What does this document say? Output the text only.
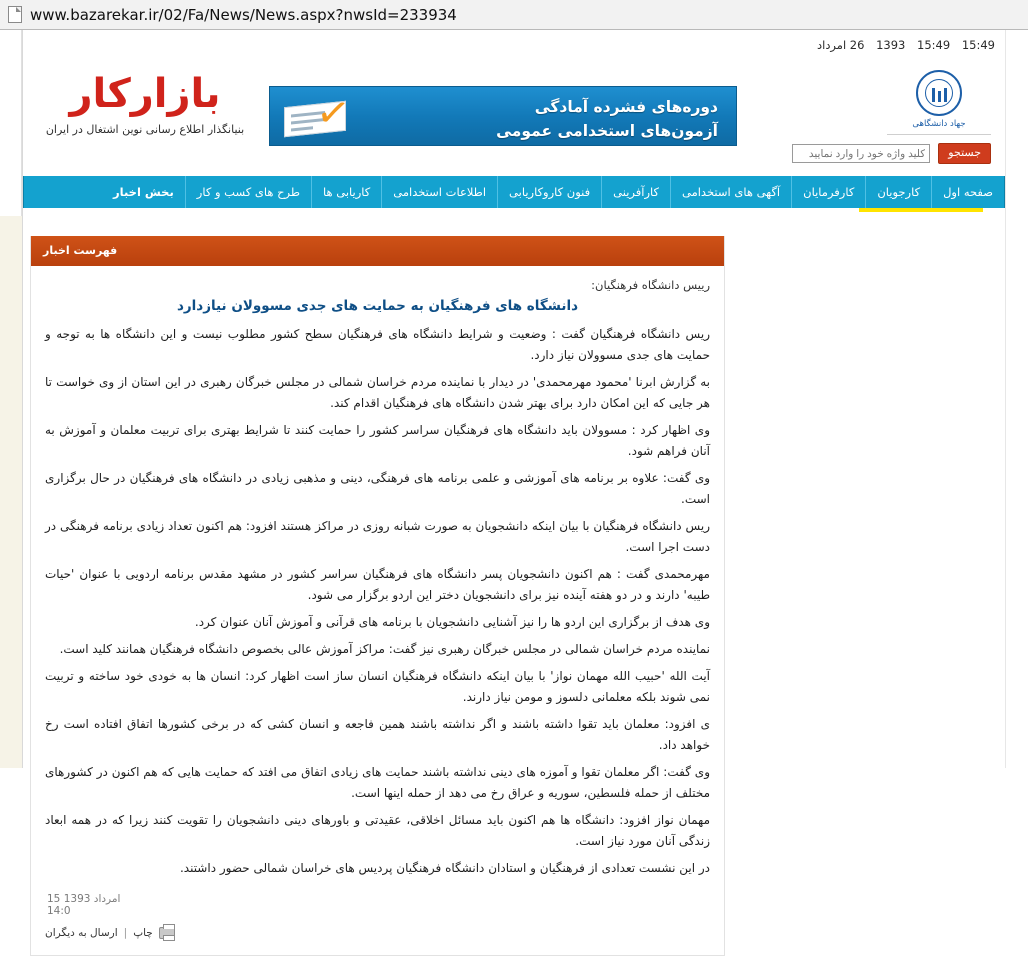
www.bazarekar.ir/02/Fa/News/News.aspx?nwsId=233934
15:49 15:49 1393 26 امرداد
جهاد دانشگاهی
جستجو
کلید واژه خود را وارد نمایید
✓	دوره‌های فشرده آمادگی
آزمون‌های استخدامی عمومی
بازارکار
بنیانگذار اطلاع رسانی نوین اشتغال در ایران
صفحه اول
کارجویان
کارفرمایان
آگهی های استخدامی
کارآفرینی
فنون کاروکاریابی
اطلاعات استخدامی
کاریابی ها
طرح های کسب و کار
بخش اخبار
فهرست اخبار
رییس دانشگاه فرهنگیان:
دانشگاه های فرهنگیان به حمایت های جدی مسوولان نیازدارد

ریس دانشگاه فرهنگیان گفت : وضعیت و شرایط دانشگاه های فرهنگیان سطح کشور مطلوب نیست و این دانشگاه ها به توجه و حمایت های جدی مسوولان نیاز دارد.

به گزارش ابرنا 'محمود مهرمحمدی' در دیدار با نماینده مردم خراسان شمالی در مجلس خبرگان رهبری در این استان از وی خواست تا هر جایی که این امکان دارد برای بهتر شدن دانشگاه های فرهنگیان اقدام کند.

وی اظهار کرد : مسوولان باید دانشگاه های فرهنگیان سراسر کشور را حمایت کنند تا شرایط بهتری برای تربیت معلمان و آموزش به آنان فراهم شود.

وی گفت: علاوه بر برنامه های آموزشی و علمی برنامه های فرهنگی، دینی و مذهبی زیادی در دانشگاه های فرهنگیان در حال برگزاری است.

ریس دانشگاه فرهنگیان با بیان اینکه دانشجویان به صورت شبانه روزی در مراکز هستند افزود: هم اکنون تعداد زیادی برنامه فرهنگی در دست اجرا است.

مهرمحمدی گفت : هم اکنون دانشجویان پسر دانشگاه های فرهنگیان سراسر کشور در مشهد مقدس برنامه اردویی با عنوان 'حیات طیبه' دارند و در دو هفته آینده نیز برای دانشجویان دختر این اردو برگزار می شود.

وی هدف از برگزاری این اردو ها را نیز آشنایی دانشجویان با برنامه های قرآنی و آموزش آنان عنوان کرد.

نماینده مردم خراسان شمالی در مجلس خبرگان رهبری نیز گفت: مراکز آموزش عالی بخصوص دانشگاه فرهنگیان همانند کلید است.

آیت الله 'حبیب الله مهمان نواز' با بیان اینکه دانشگاه فرهنگیان انسان ساز است اظهار کرد: انسان ها به خودی خود ساخته و تربیت نمی شوند بلکه معلمانی دلسوز و مومن نیاز دارند.

ی افزود: معلمان باید تقوا داشته باشند و اگر نداشته باشند همین فاجعه و انسان کشی که در برخی کشورها اتفاق افتاده است رخ خواهد داد.

وی گفت: اگر معلمان تقوا و آموزه های دینی نداشته باشند حمایت های زیادی اتفاق می افتد که حمایت هایی که هم اکنون در کشورهای مختلف از حمله فلسطین، سوریه و عراق رخ می دهد از حمله اینها است.

مهمان نواز افزود: دانشگاه ها هم اکنون باید مسائل اخلاقی، عقیدتی و باورهای دینی دانشجویان را تقویت کنند زیرا که در همه ابعاد زندگی آنان مورد نیاز است.

در این نشست تعدادی از فرهنگیان و استادان دانشگاه فرهنگیان پردیس های خراسان شمالی حضور داشتند.

15 امرداد 1393
14:0
چاپ
|
ارسال به دیگران
